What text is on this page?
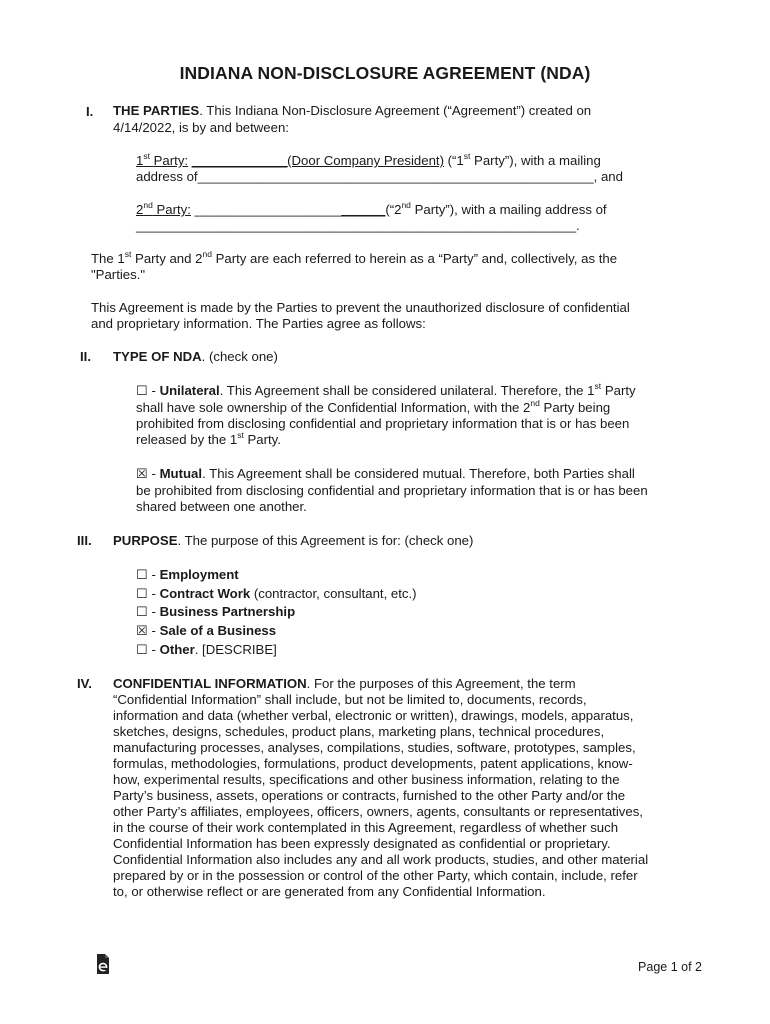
INDIANA NON-DISCLOSURE AGREEMENT (NDA)
I. THE PARTIES. This Indiana Non-Disclosure Agreement (“Agreement”) created on
4/14/2022, is by and between:
1st Party: _____________(Door Company President) (“1st Party”), with a mailing
address of______________________________________________________, and
2nd Party: __________________________(“2nd Party”), with a mailing address of
____________________________________________________________.
The 1st Party and 2nd Party are each referred to herein as a “Party” and, collectively, as the
"Parties."
This Agreement is made by the Parties to prevent the unauthorized disclosure of confidential
and proprietary information. The Parties agree as follows:
II. TYPE OF NDA. (check one)
☐ - Unilateral. This Agreement shall be considered unilateral. Therefore, the 1st Party
shall have sole ownership of the Confidential Information, with the 2nd Party being
prohibited from disclosing confidential and proprietary information that is or has been
released by the 1st Party.
☒ - Mutual. This Agreement shall be considered mutual. Therefore, both Parties shall
be prohibited from disclosing confidential and proprietary information that is or has been
shared between one another.
III. PURPOSE. The purpose of this Agreement is for: (check one)
☐ - Employment
☐ - Contract Work (contractor, consultant, etc.)
☐ - Business Partnership
☒ - Sale of a Business
☐ - Other. [DESCRIBE]
IV. CONFIDENTIAL INFORMATION. For the purposes of this Agreement, the term
“Confidential Information” shall include, but not be limited to, documents, records,
information and data (whether verbal, electronic or written), drawings, models, apparatus,
sketches, designs, schedules, product plans, marketing plans, technical procedures,
manufacturing processes, analyses, compilations, studies, software, prototypes, samples,
formulas, methodologies, formulations, product developments, patent applications, know-
how, experimental results, specifications and other business information, relating to the
Party’s business, assets, operations or contracts, furnished to the other Party and/or the
other Party’s affiliates, employees, officers, owners, agents, consultants or representatives,
in the course of their work contemplated in this Agreement, regardless of whether such
Confidential Information has been expressly designated as confidential or proprietary.
Confidential Information also includes any and all work products, studies, and other material
prepared by or in the possession or control of the other Party, which contain, include, refer
to, or otherwise reflect or are generated from any Confidential Information.
Page 1 of 2
